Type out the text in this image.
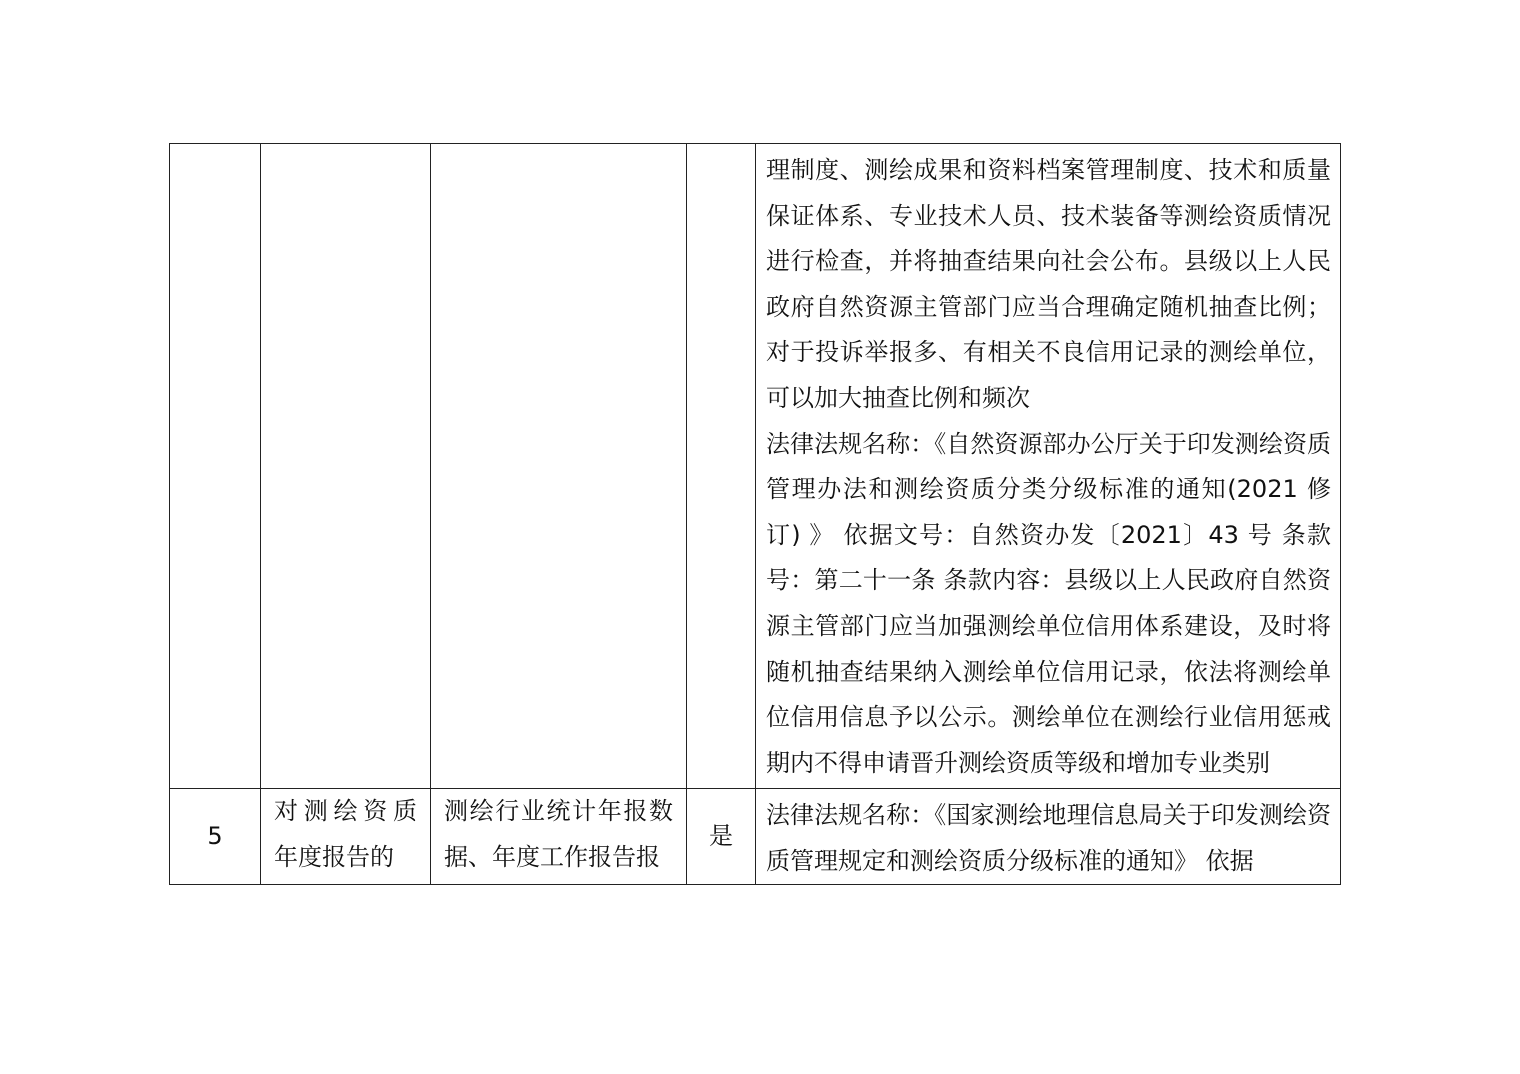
				理制度、测绘成果和资料档案管理制度、技术和质量保证体系、专业技术人员、技术装备等测绘资质情况进行检查，并将抽查结果向社会公布。县级以上人民政府自然资源主管部门应当合理确定随机抽查比例；对于投诉举报多、有相关不良信用记录的测绘单位，可以加大抽查比例和频次
法律法规名称：《自然资源部办公厅关于印发测绘资质管理办法和测绘资质分类分级标准的通知(2021 修订) 》 依据文号：自然资办发〔2021〕43 号 条款号：第二十一条 条款内容：县级以上人民政府自然资源主管部门应当加强测绘单位信用体系建设，及时将随机抽查结果纳入测绘单位信用记录，依法将测绘单位信用信息予以公示。测绘单位在测绘行业信用惩戒期内不得申请晋升测绘资质等级和增加专业类别

5	对测绘资质年度报告的	测绘行业统计年报数据、年度工作报告报	是	法律法规名称：《国家测绘地理信息局关于印发测绘资质管理规定和测绘资质分级标准的通知》 依据
